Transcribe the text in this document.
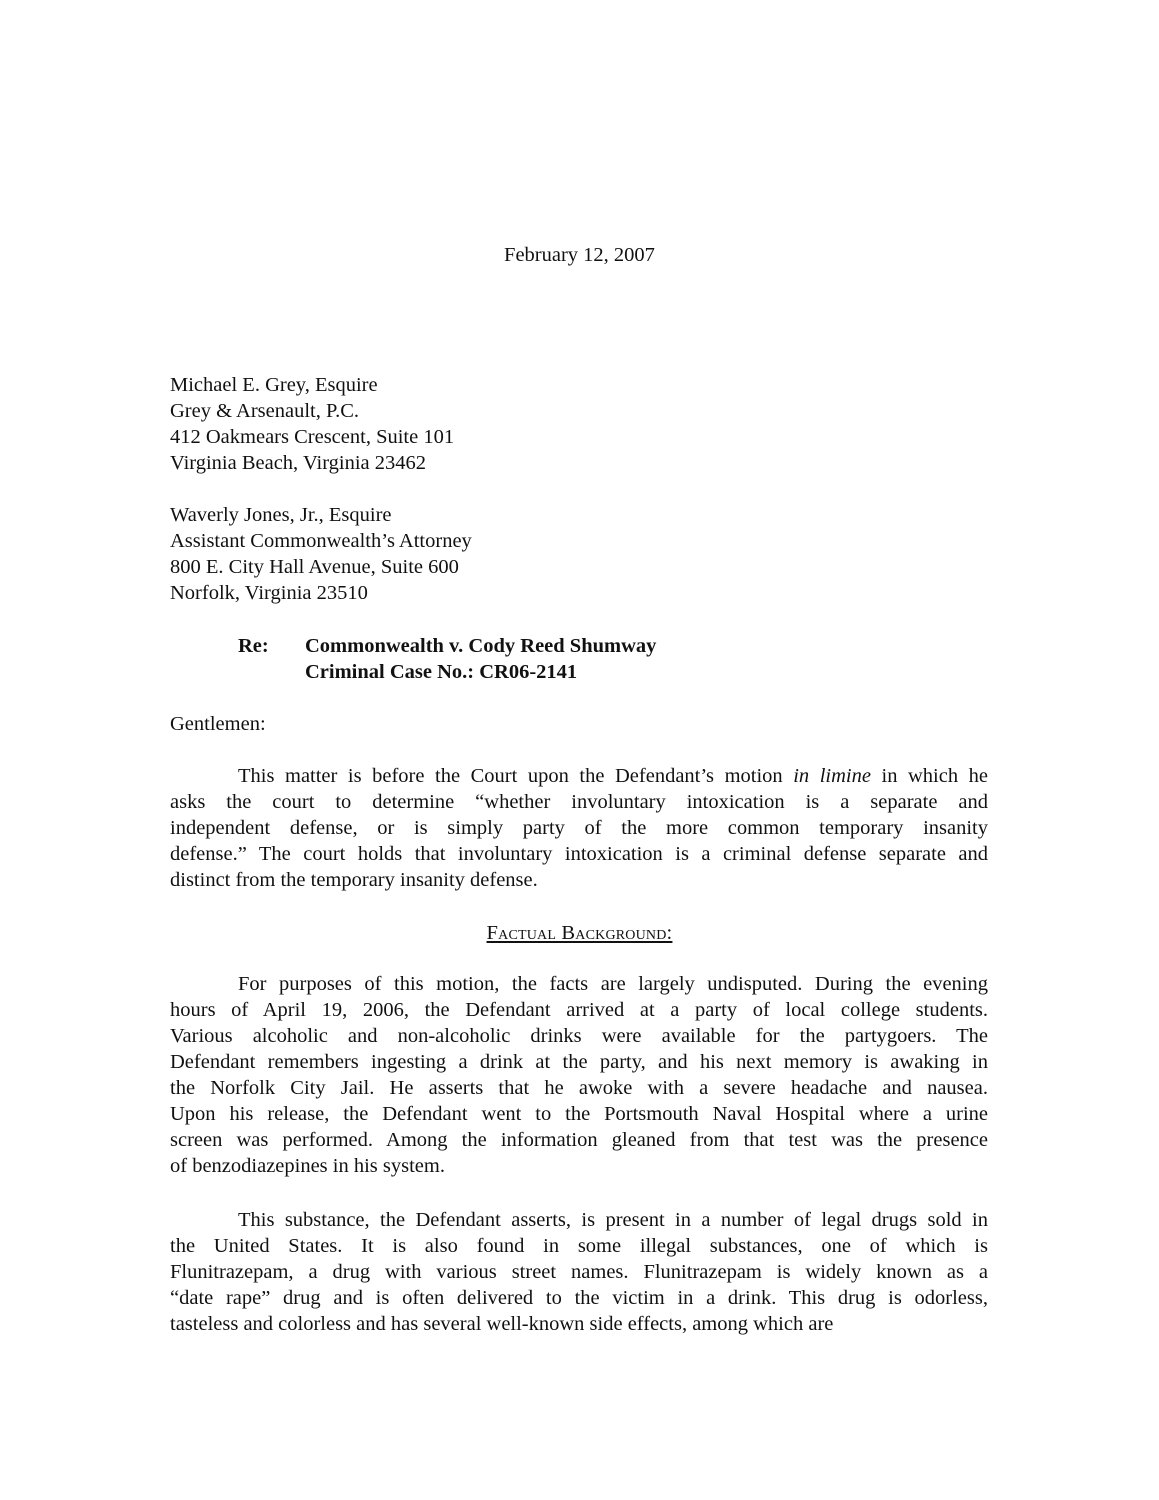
February 12, 2007

Michael E. Grey, Esquire
Grey & Arsenault, P.C.
412 Oakmears Crescent, Suite 101
Virginia Beach, Virginia 23462
Waverly Jones, Jr., Esquire
Assistant Commonwealth’s Attorney
800 E. City Hall Avenue, Suite 600
Norfolk, Virginia 23510
Re: Commonwealth v. Cody Reed Shumway
Criminal Case No.: CR06-2141

Gentlemen:

This matter is before the Court upon the Defendant’s motion in limine in which he
asks the court to determine “whether involuntary intoxication is a separate and
independent defense, or is simply party of the more common temporary insanity
defense.” The court holds that involuntary intoxication is a criminal defense separate and
distinct from the temporary insanity defense.

Factual Background:

For purposes of this motion, the facts are largely undisputed. During the evening
hours of April 19, 2006, the Defendant arrived at a party of local college students.
Various alcoholic and non-alcoholic drinks were available for the partygoers. The
Defendant remembers ingesting a drink at the party, and his next memory is awaking in
the Norfolk City Jail. He asserts that he awoke with a severe headache and nausea.
Upon his release, the Defendant went to the Portsmouth Naval Hospital where a urine
screen was performed. Among the information gleaned from that test was the presence
of benzodiazepines in his system.
This substance, the Defendant asserts, is present in a number of legal drugs sold in
the United States. It is also found in some illegal substances, one of which is
Flunitrazepam, a drug with various street names. Flunitrazepam is widely known as a
“date rape” drug and is often delivered to the victim in a drink. This drug is odorless,
tasteless and colorless and has several well-known side effects, among which are
